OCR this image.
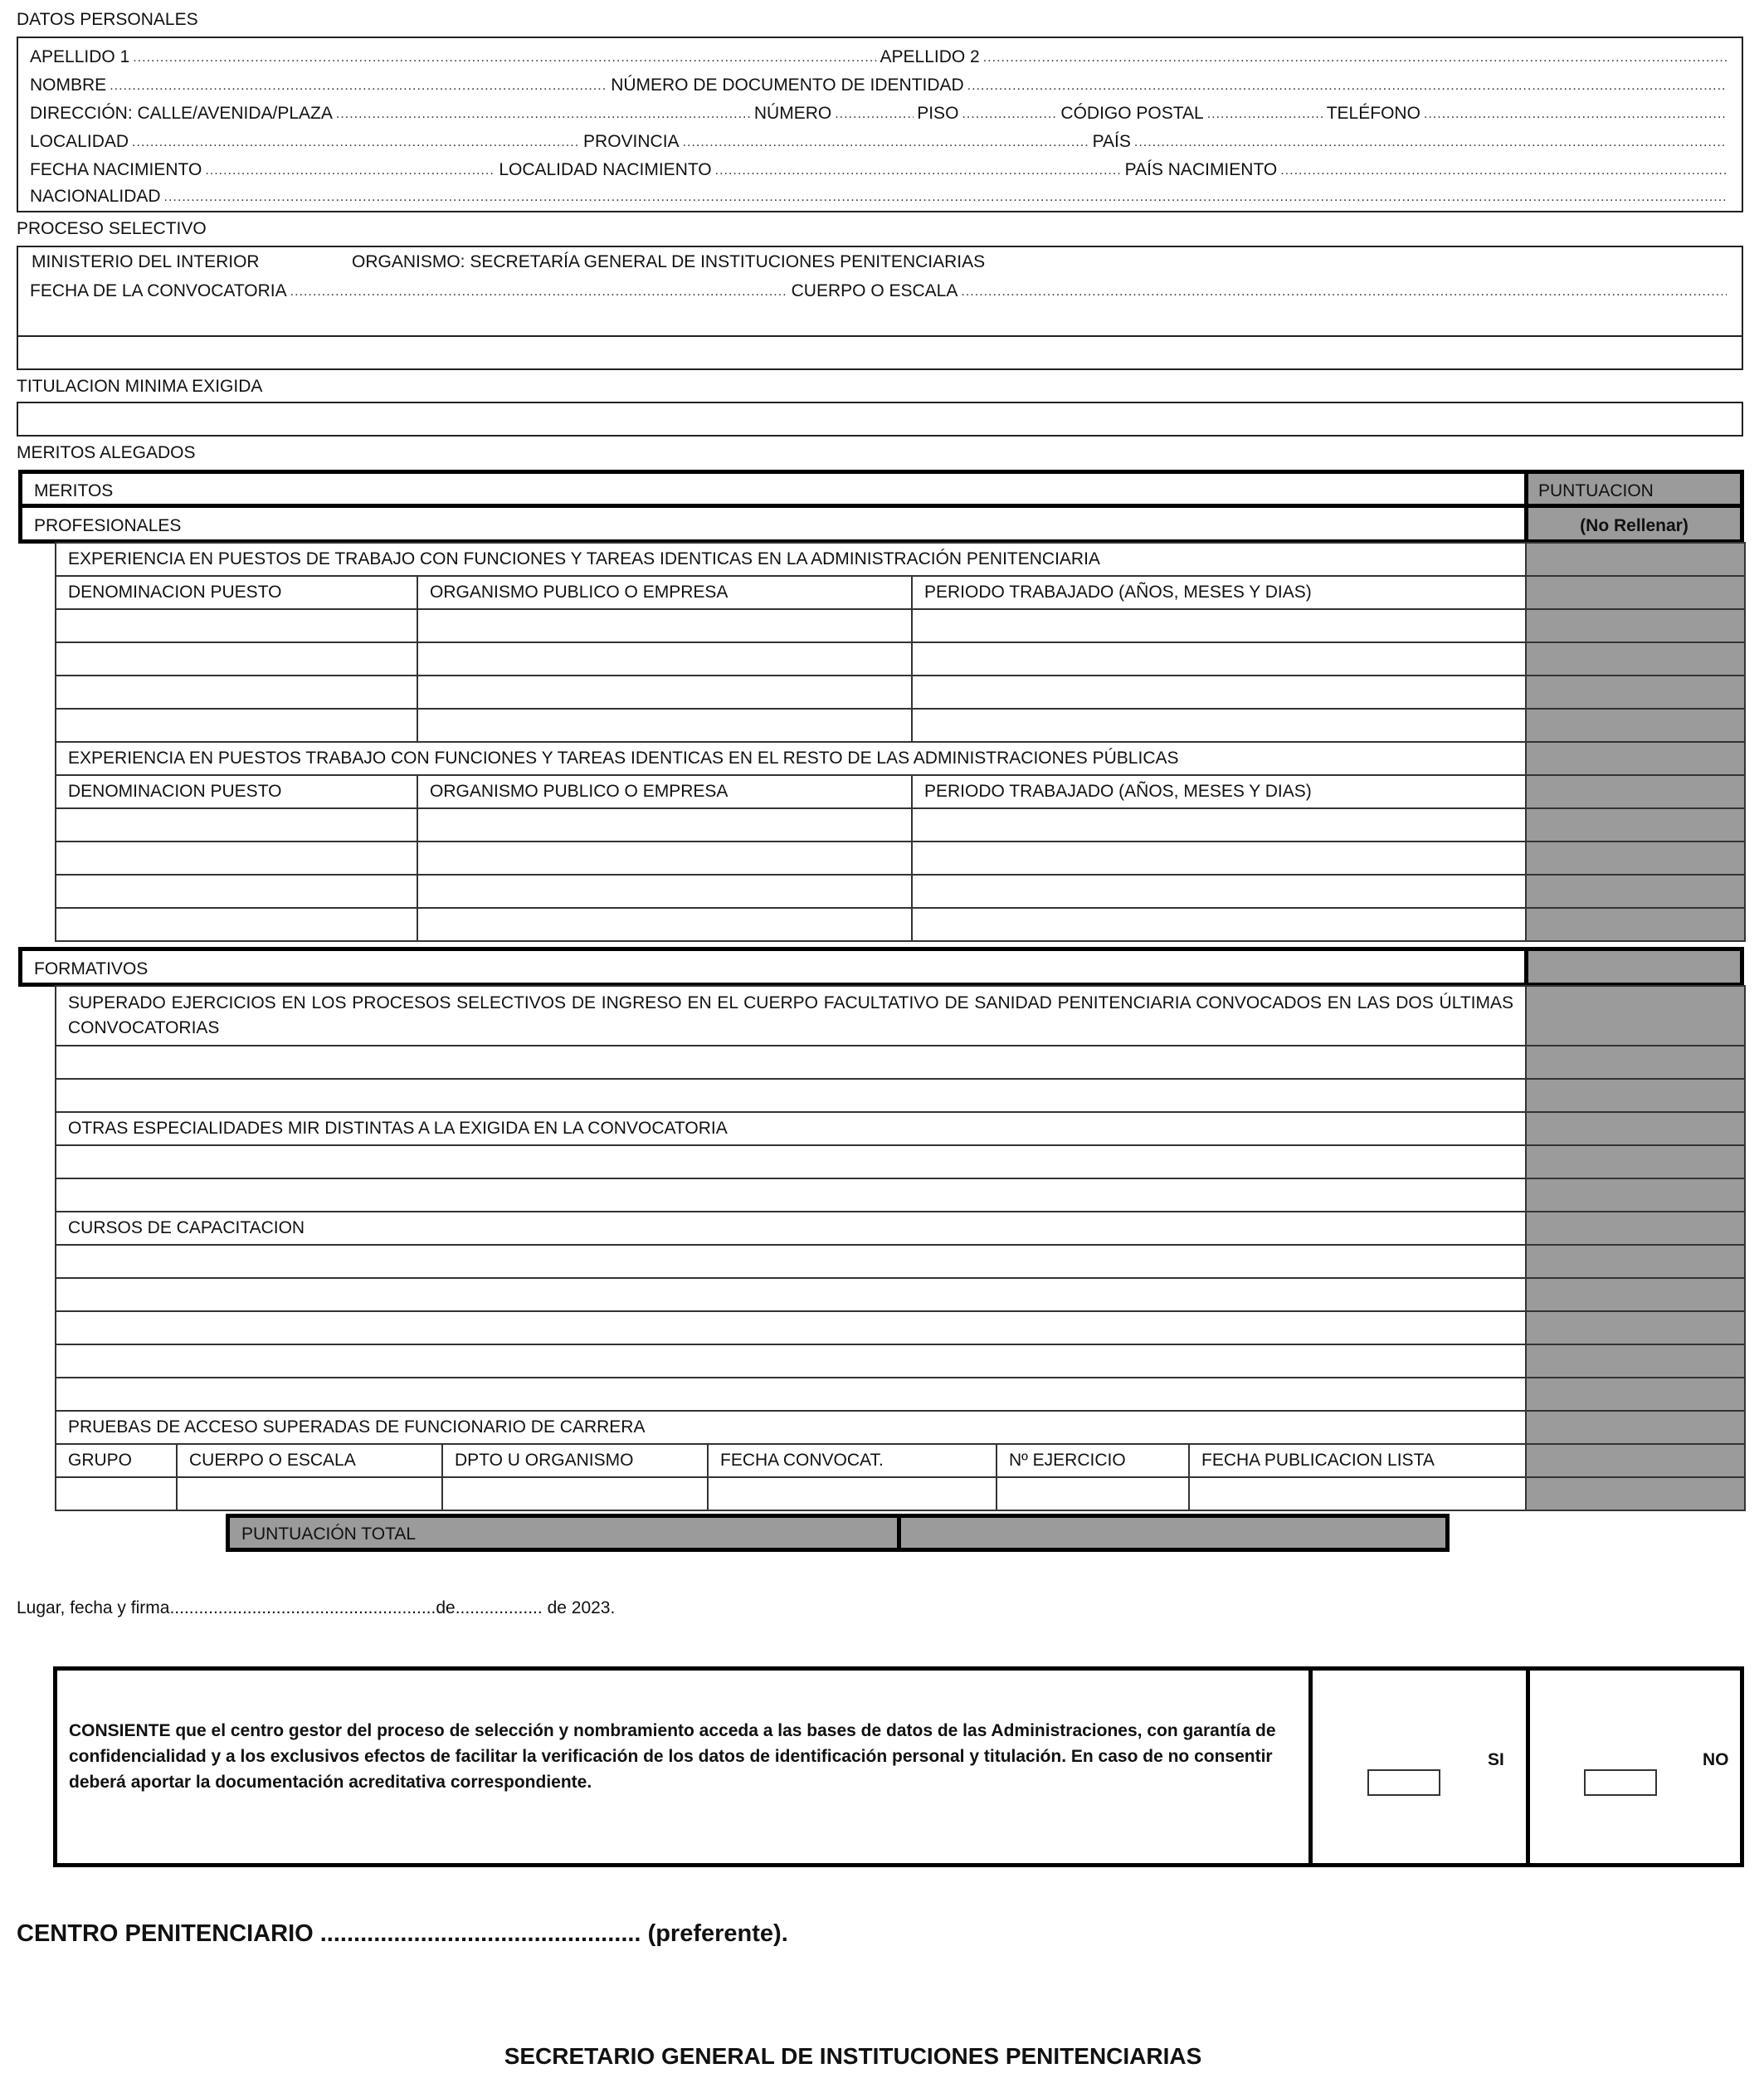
DATOS PERSONALES
APELLIDO 1 .....	APELLIDO 2
.....
NOMBRE .....	NÚMERO DE DOCUMENTO DE IDENTIDAD
.....
DIRECCIÓN: CALLE/AVENIDA/PLAZA .....	NÚMERO .....	PISO .....	CÓDIGO POSTAL .....	TELÉFONO
.....
LOCALIDAD .....	PROVINCIA .....	PAÍS
.....
FECHA NACIMIENTO .....	LOCALIDAD NACIMIENTO .....	PAÍS NACIMIENTO
.....
NACIONALIDAD
.....
PROCESO SELECTIVO
MINISTERIO DEL INTERIOR	ORGANISMO: SECRETARÍA GENERAL DE INSTITUCIONES PENITENCIARIAS
FECHA DE LA CONVOCATORIA .....	CUERPO O ESCALA
.....
TITULACION MINIMA EXIGIDA
MERITOS ALEGADOS
MERITOS	PUNTUACION
PROFESIONALES	(No Rellenar)
EXPERIENCIA EN PUESTOS DE TRABAJO CON FUNCIONES Y TAREAS IDENTICAS EN LA ADMINISTRACIÓN PENITENCIARIA			
DENOMINACION PUESTO	ORGANISMO PUBLICO O EMPRESA	PERIODO TRABAJADO (AÑOS, MESES Y DIAS)	

EXPERIENCIA EN PUESTOS TRABAJO CON FUNCIONES Y TAREAS IDENTICAS EN EL RESTO DE LAS ADMINISTRACIONES PÚBLICAS			
DENOMINACION PUESTO	ORGANISMO PUBLICO O EMPRESA	PERIODO TRABAJADO (AÑOS, MESES Y DIAS)	

FORMATIVOS
SUPERADO EJERCICIOS EN LOS PROCESOS SELECTIVOS DE INGRESO EN EL CUERPO FACULTATIVO DE SANIDAD PENITENCIARIA CONVOCADOS EN LAS DOS ÚLTIMAS CONVOCATORIAS	

OTRAS ESPECIALIDADES MIR DISTINTAS A LA EXIGIDA EN LA CONVOCATORIA	

CURSOS DE CAPACITACION	

PRUEBAS DE ACCESO SUPERADAS DE FUNCIONARIO DE CARRERA	
GRUPO	CUERPO O ESCALA	DPTO U ORGANISMO	FECHA CONVOCAT.	Nº EJERCICIO	FECHA PUBLICACION LISTA	

PUNTUACIÓN TOTAL
Lugar, fecha y firma.......................................................de.................. de 2023.
CONSIENTE que el centro gestor del proceso de selección y nombramiento acceda a las bases de datos de las Administraciones, con garantía de confidencialidad y a los exclusivos efectos de facilitar la verificación de los datos de identificación personal y titulación. En caso de no consentir deberá aportar la documentación acreditativa correspondiente.
SI	NO
CENTRO PENITENCIARIO ................................................ (preferente).
SECRETARIO GENERAL DE INSTITUCIONES PENITENCIARIAS
